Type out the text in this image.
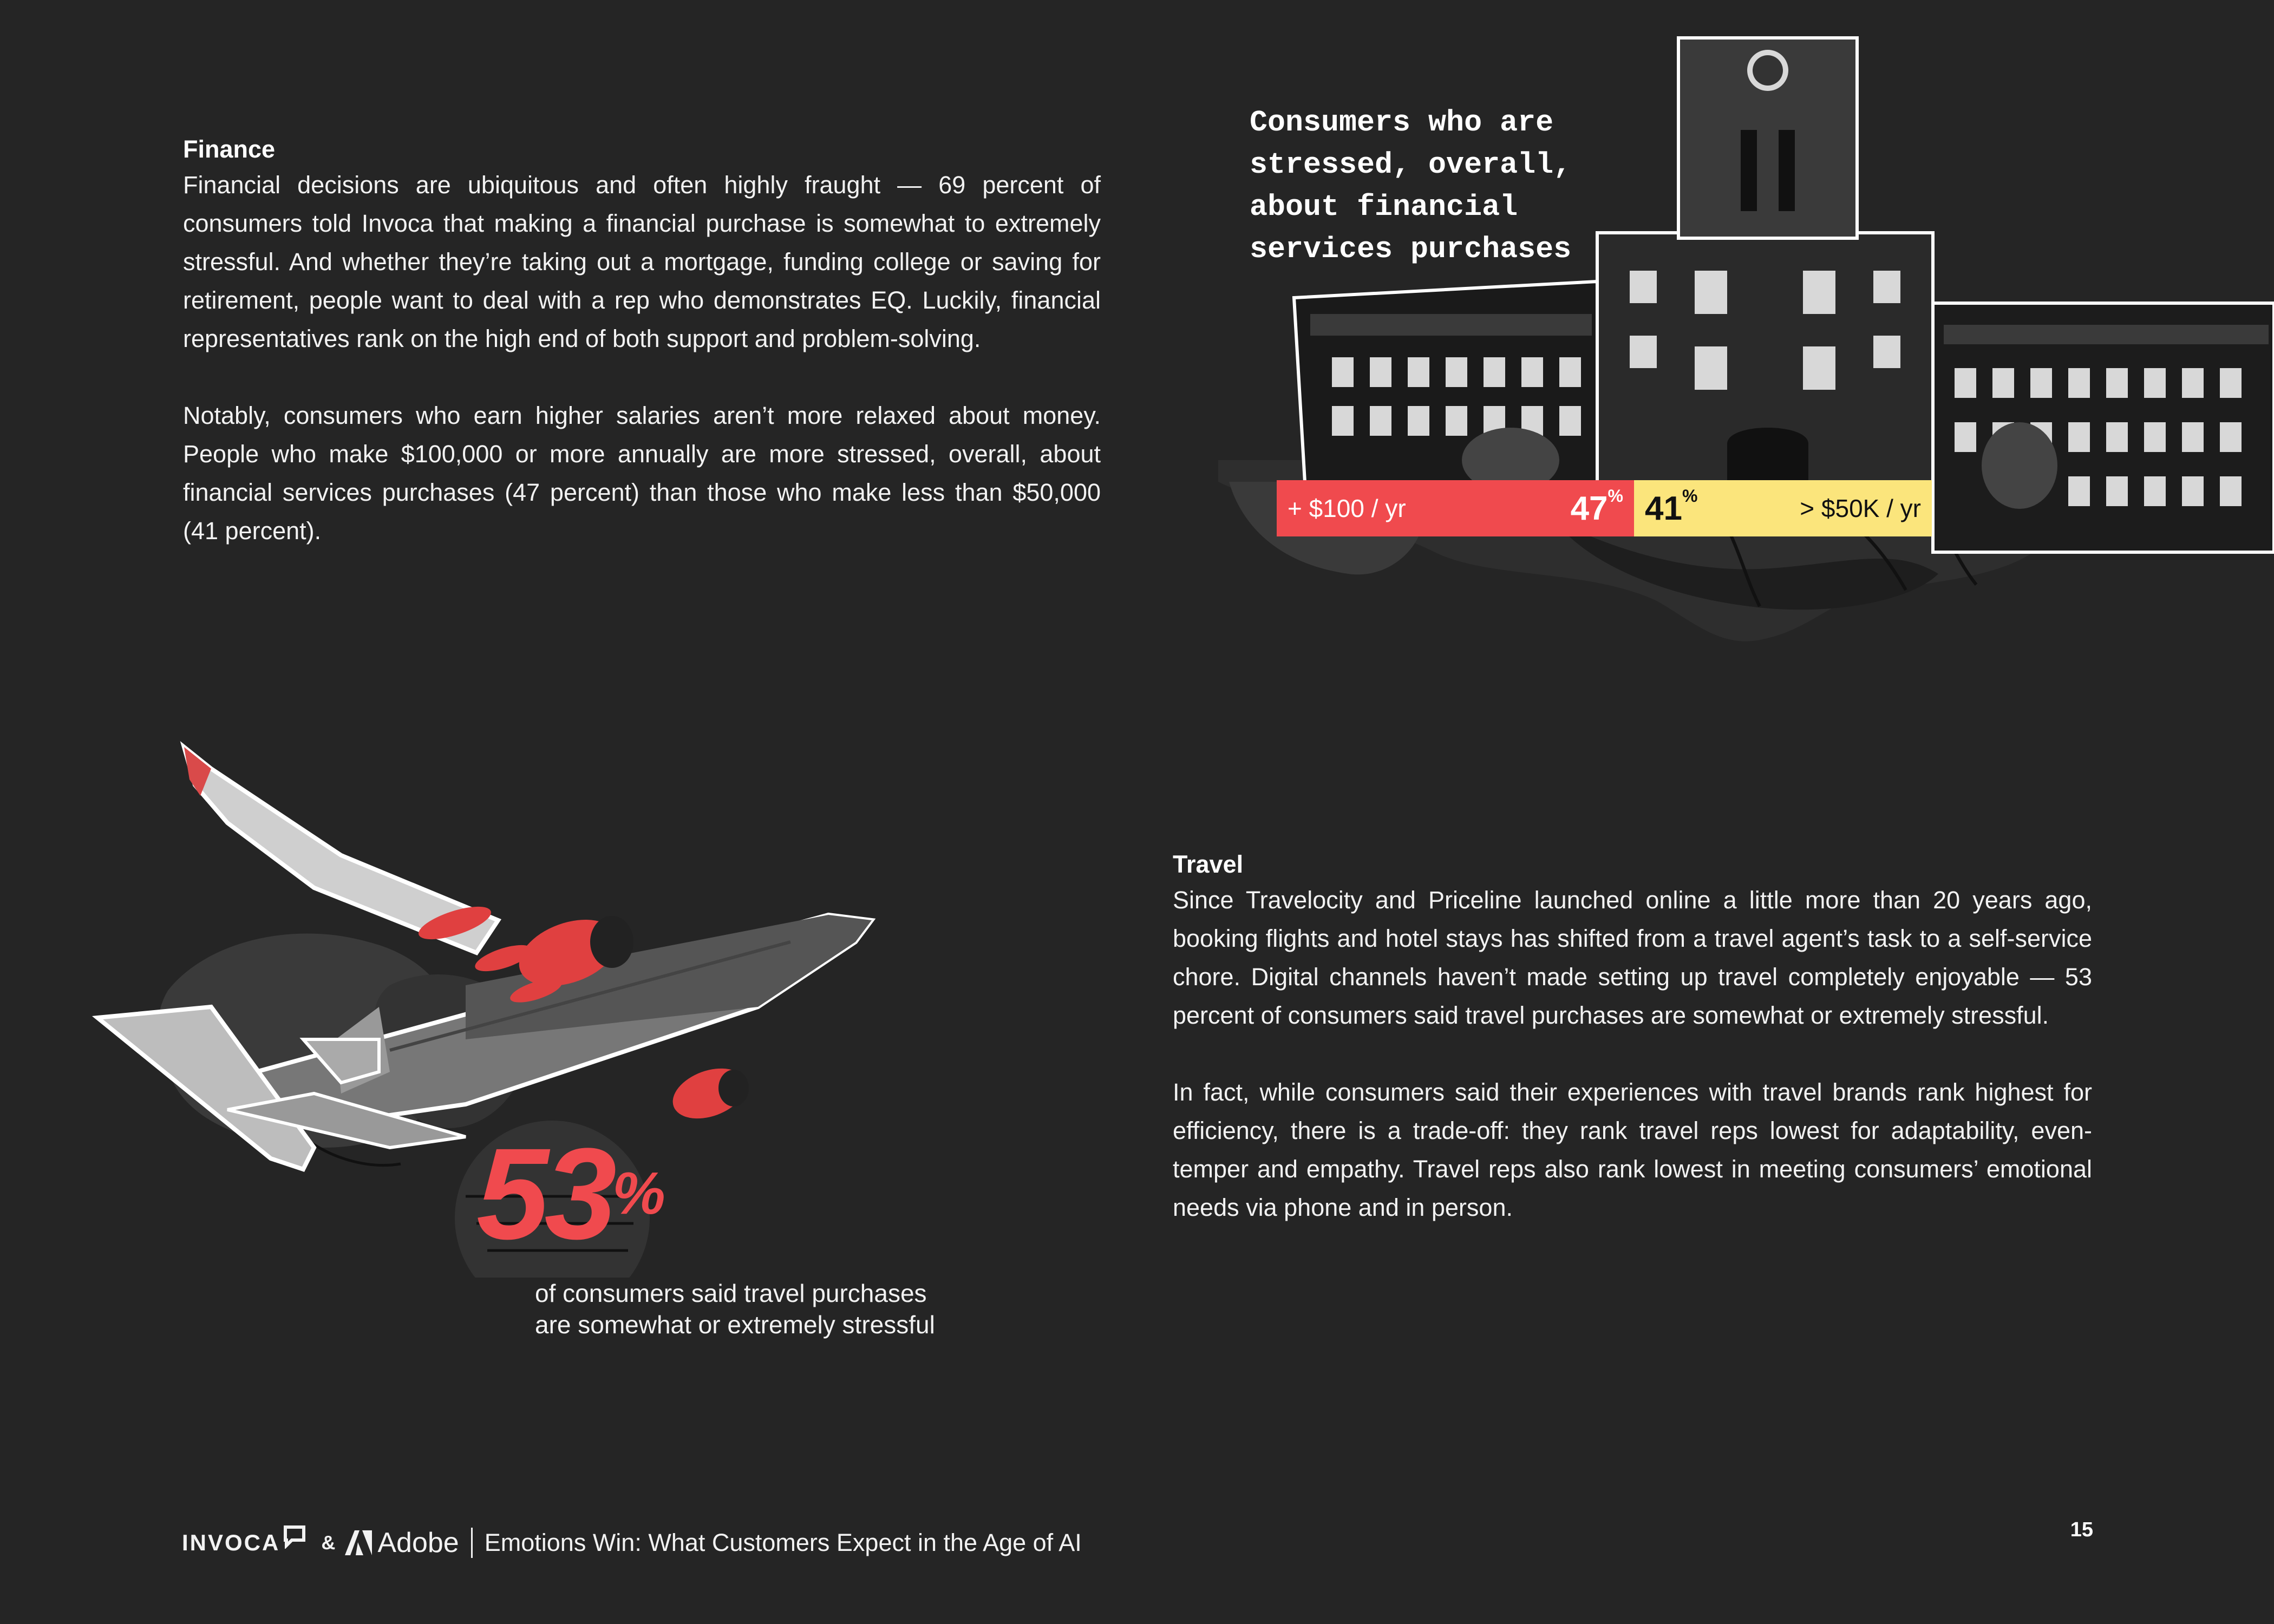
Finance

Financial decisions are ubiquitous and often highly fraught — 69 percent of consumers told Invoca that making a financial purchase is somewhat to extremely stressful. And whether they’re taking out a mortgage, funding college or saving for retirement, people want to deal with a rep who demonstrates EQ. Luckily, financial representatives rank on the high end of both support and problem-solving.

Notably, consumers who earn higher salaries aren’t more relaxed about money. People who make $100,000 or more annually are more stressed, overall, about financial services purchases (47 percent) than those who make less than $50,000 (41 percent).

Consumers who are stressed, overall, about financial services purchases
+ $100 / yr	47% 41%	> $50K / yr
53%
of consumers said travel purchases
are somewhat or extremely stressful
Travel

Since Travelocity and Priceline launched online a little more than 20 years ago, booking flights and hotel stays has shifted from a travel agent’s task to a self-service chore. Digital channels haven’t made setting up travel completely enjoyable — 53 percent of consumers said travel purchases are somewhat or extremely stressful.

In fact, while consumers said their experiences with travel brands rank highest for efficiency, there is a trade-off: they rank travel reps lowest for adaptability, even-temper and empathy. Travel reps also rank lowest in meeting consumers’ emotional needs via phone and in person.

INVOCA & Adobe Emotions Win: What Customers Expect in the Age of AI	15
